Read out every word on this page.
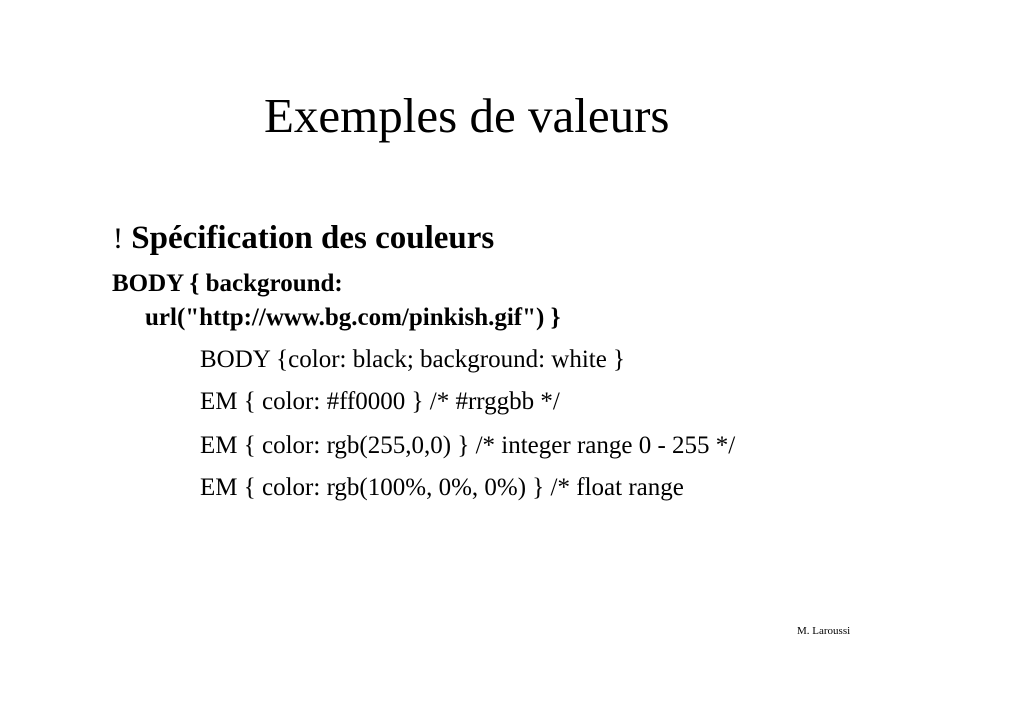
Exemples de valeurs
! Spécification des couleurs
BODY { background:
url("http://www.bg.com/pinkish.gif") }
BODY {color: black; background: white }
EM { color: #ff0000 } /* #rrggbb */
EM { color: rgb(255,0,0) } /* integer range 0 - 255 */
EM { color: rgb(100%, 0%, 0%) } /* float range
M. Laroussi
